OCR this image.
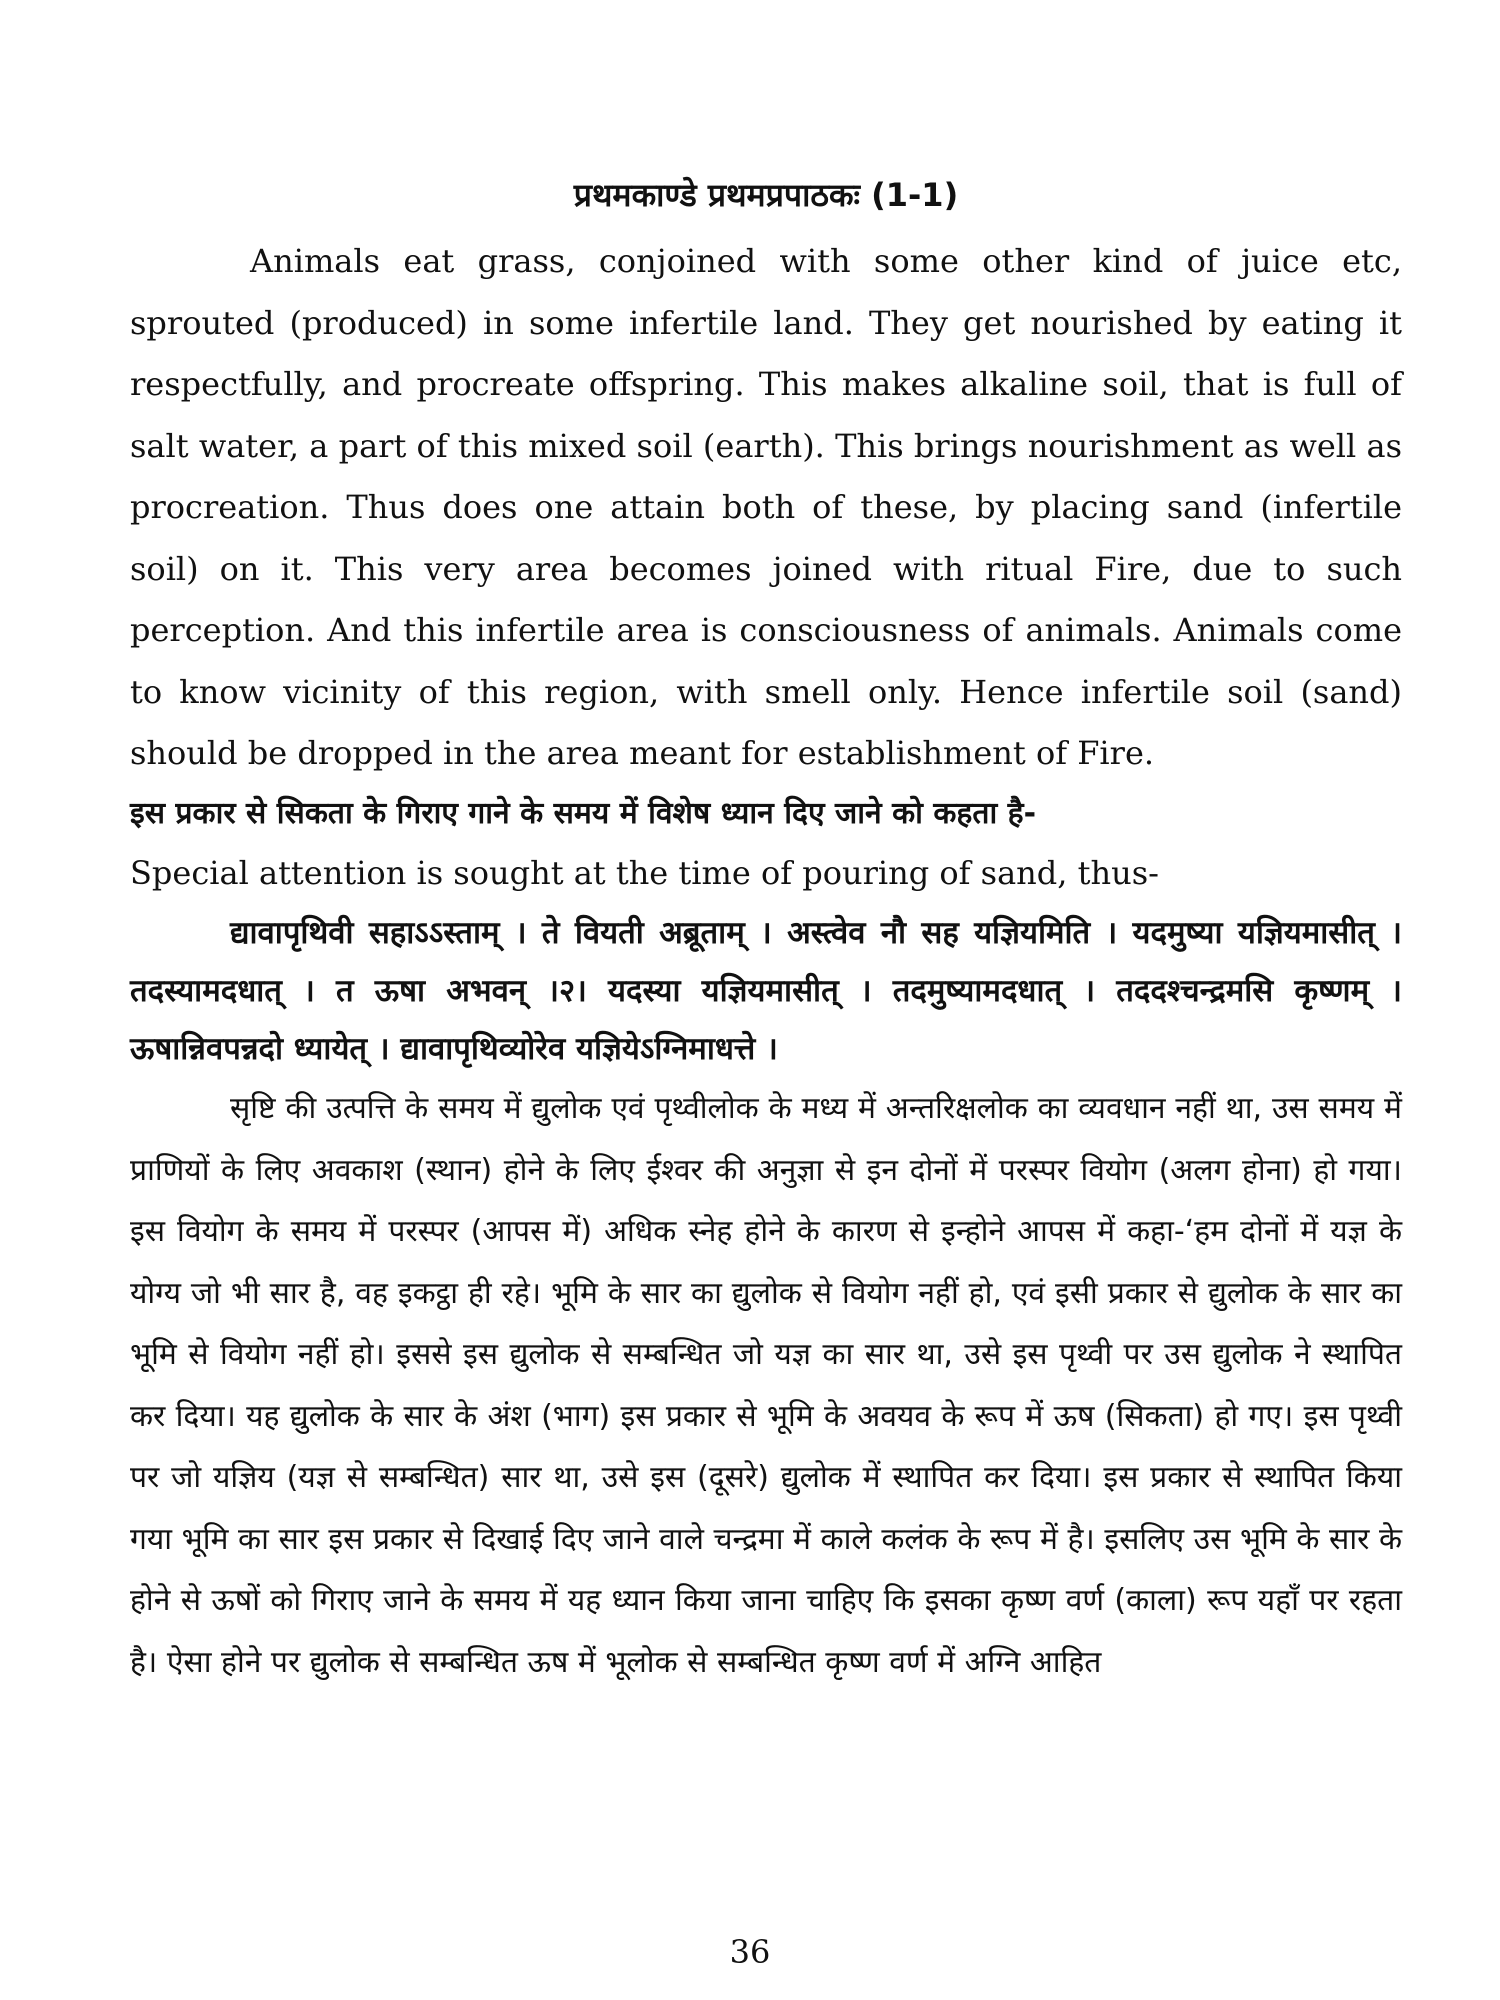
प्रथमकाण्डे प्रथमप्रपाठकः (1-1)

Animals eat grass, conjoined with some other kind of juice etc, sprouted (produced) in some infertile land. They get nourished by eating it respectfully, and procreate offspring. This makes alkaline soil, that is full of salt water, a part of this mixed soil (earth). This brings nourishment as well as procreation. Thus does one attain both of these, by placing sand (infertile soil) on it. This very area becomes joined with ritual Fire, due to such perception. And this infertile area is consciousness of animals. Animals come to know vicinity of this region, with smell only. Hence infertile soil (sand) should be dropped in the area meant for establishment of Fire.

इस प्रकार से सिकता के गिराए गाने के समय में विशेष ध्यान दिए जाने को कहता है-

Special attention is sought at the time of pouring of sand, thus-

द्यावापृथिवी सहाऽऽस्ताम् । ते वियती अब्रूताम् । अस्त्वेव नौ सह यज्ञियमिति । यदमुष्या यज्ञियमासीत् । तदस्यामदधात् । त ऊषा अभवन् ।२। यदस्या यज्ञियमासीत् । तदमुष्यामदधात् । तददश्चन्द्रमसि कृष्णम् । ऊषान्निवपन्नदो ध्यायेत् । द्यावापृथिव्योरेव यज्ञियेऽग्निमाधत्ते ।

सृष्टि की उत्पत्ति के समय में द्युलोक एवं पृथ्वीलोक के मध्य में अन्तरिक्षलोक का व्यवधान नहीं था, उस समय में प्राणियों के लिए अवकाश (स्थान) होने के लिए ईश्वर की अनुज्ञा से इन दोनों में परस्पर वियोग (अलग होना) हो गया। इस वियोग के समय में परस्पर (आपस में) अधिक स्नेह होने के कारण से इन्होने आपस में कहा-‘हम दोनों में यज्ञ के योग्य जो भी सार है, वह इकट्ठा ही रहे। भूमि के सार का द्युलोक से वियोग नहीं हो, एवं इसी प्रकार से द्युलोक के सार का भूमि से वियोग नहीं हो। इससे इस द्युलोक से सम्बन्धित जो यज्ञ का सार था, उसे इस पृथ्वी पर उस द्युलोक ने स्थापित कर दिया। यह द्युलोक के सार के अंश (भाग) इस प्रकार से भूमि के अवयव के रूप में ऊष (सिकता) हो गए। इस पृथ्वी पर जो यज्ञिय (यज्ञ से सम्बन्धित) सार था, उसे इस (दूसरे) द्युलोक में स्थापित कर दिया। इस प्रकार से स्थापित किया गया भूमि का सार इस प्रकार से दिखाई दिए जाने वाले चन्द्रमा में काले कलंक के रूप में है। इसलिए उस भूमि के सार के होने से ऊषों को गिराए जाने के समय में यह ध्यान किया जाना चाहिए कि इसका कृष्ण वर्ण (काला) रूप यहाँ पर रहता है। ऐसा होने पर द्युलोक से सम्बन्धित ऊष में भूलोक से सम्बन्धित कृष्ण वर्ण में अग्नि आहित

36
